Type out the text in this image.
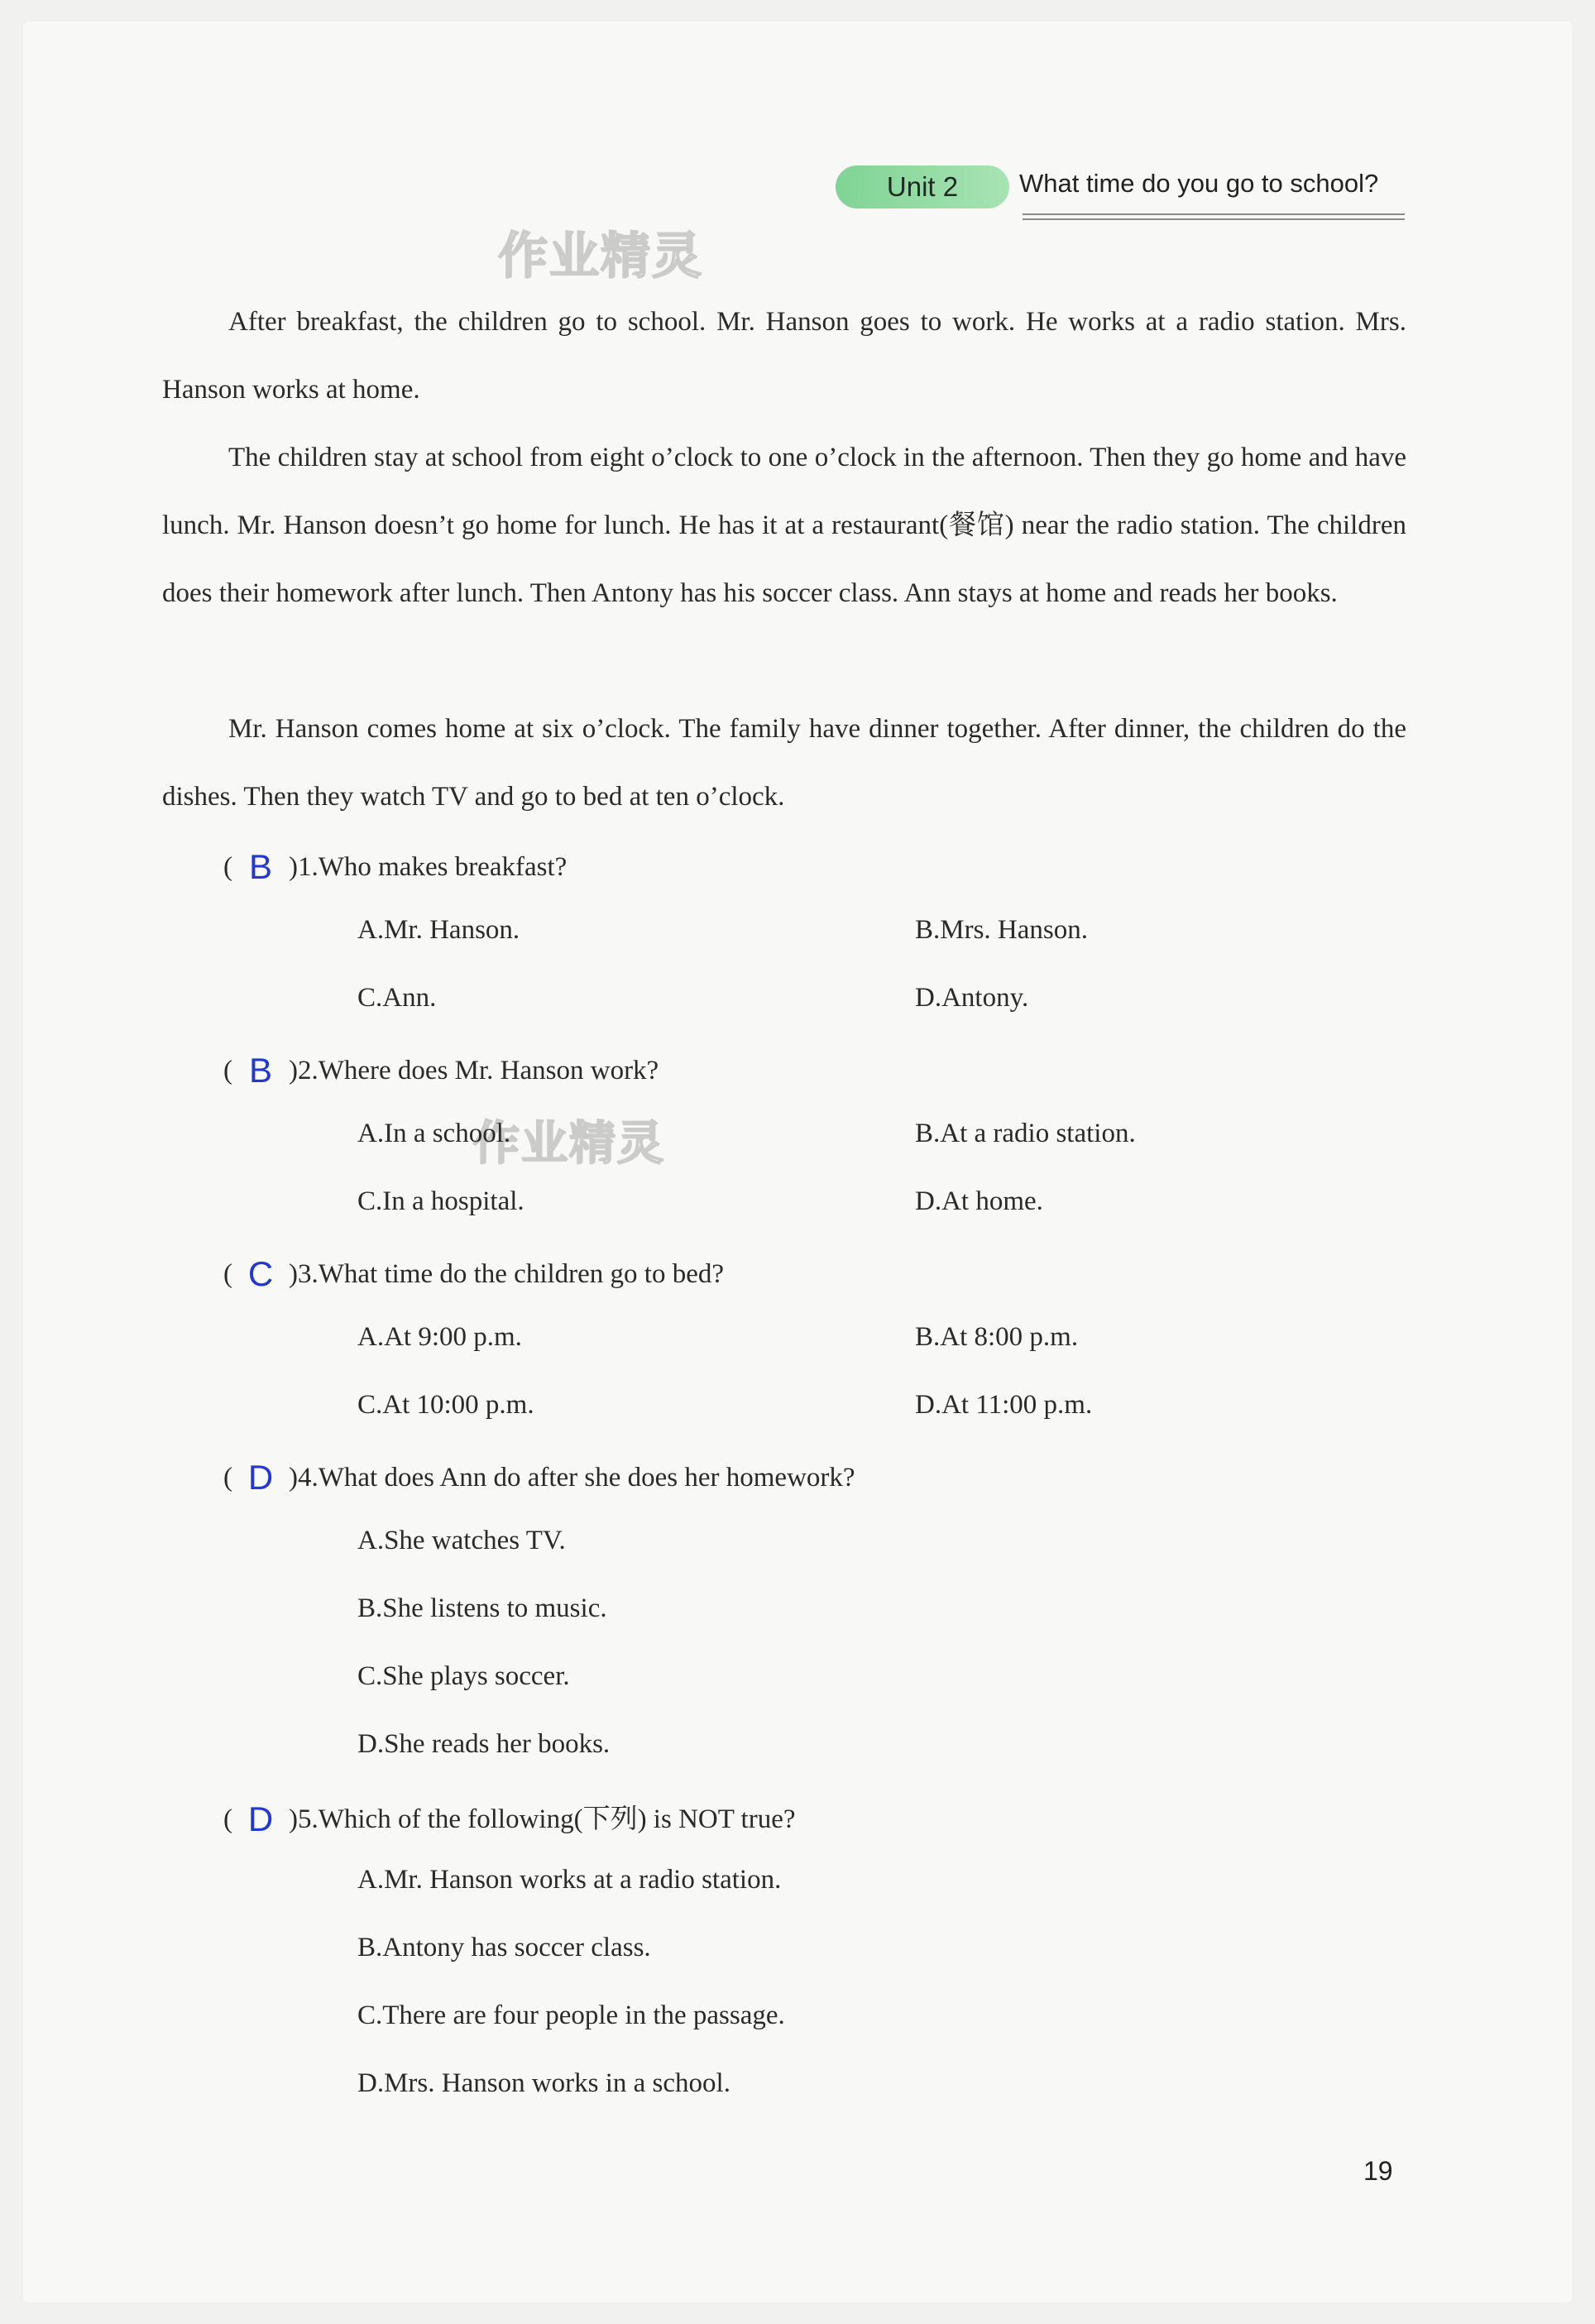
Unit 2	What time do you go to school?
作业精灵
作业精灵

After breakfast, the children go to school. Mr. Hanson goes to work. He works at a radio station. Mrs. Hanson works at home.

The children stay at school from eight o’clock to one o’clock in the afternoon. Then they go home and have lunch. Mr. Hanson doesn’t go home for lunch. He has it at a restaurant(餐馆) near the radio station. The children does their homework after lunch. Then Antony has his soccer class. Ann stays at home and reads her books.

Mr. Hanson comes home at six o’clock. The family have dinner together. After dinner, the children do the dishes. Then they watch TV and go to bed at ten o’clock.

( B )1.Who makes breakfast?
A.Mr. Hanson.	B.Mrs. Hanson.
C.Ann.	D.Antony.
( B )2.Where does Mr. Hanson work?
A.In a school.	B.At a radio station.
C.In a hospital.	D.At home.
( C )3.What time do the children go to bed?
A.At 9:00 p.m.	B.At 8:00 p.m.
C.At 10:00 p.m.	D.At 11:00 p.m.
( D )4.What does Ann do after she does her homework?
A.She watches TV.
B.She listens to music.
C.She plays soccer.
D.She reads her books.
( D )5.Which of the following(下列) is NOT true?
A.Mr. Hanson works at a radio station.
B.Antony has soccer class.
C.There are four people in the passage.
D.Mrs. Hanson works in a school.
19
